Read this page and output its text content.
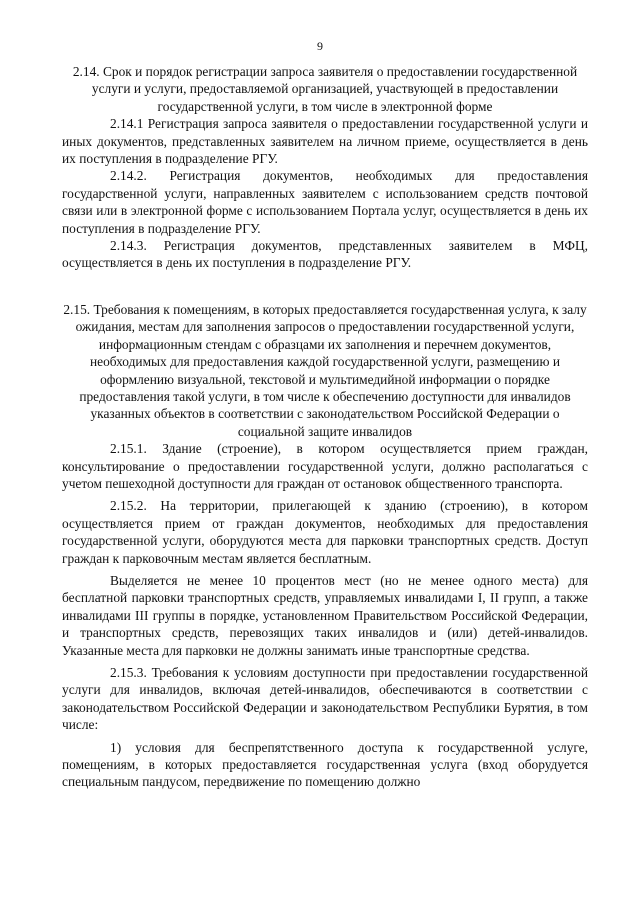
9

2.14. Срок и порядок регистрации запроса заявителя о предоставлении государственной услуги и услуги, предоставляемой организацией, участвующей в предоставлении государственной услуги, в том числе в электронной форме

2.14.1 Регистрация запроса заявителя о предоставлении государственной услуги и иных документов, представленных заявителем на личном приеме, осуществляется в день их поступления в подразделение РГУ.

2.14.2. Регистрация документов, необходимых для предоставления государственной услуги, направленных заявителем с использованием средств почтовой связи или в электронной форме с использованием Портала услуг, осуществляется в день их поступления в подразделение РГУ.

2.14.3. Регистрация документов, представленных заявителем в МФЦ, осуществляется в день их поступления в подразделение РГУ.

2.15. Требования к помещениям, в которых предоставляется государственная услуга, к залу ожидания, местам для заполнения запросов о предоставлении государственной услуги, информационным стендам с образцами их заполнения и перечнем документов, необходимых для предоставления каждой государственной услуги, размещению и оформлению визуальной, текстовой и мультимедийной информации о порядке предоставления такой услуги, в том числе к обеспечению доступности для инвалидов указанных объектов в соответствии с законодательством Российской Федерации о социальной защите инвалидов

2.15.1. Здание (строение), в котором осуществляется прием граждан, консультирование о предоставлении государственной услуги, должно располагаться с учетом пешеходной доступности для граждан от остановок общественного транспорта.

2.15.2. На территории, прилегающей к зданию (строению), в котором осуществляется прием от граждан документов, необходимых для предоставления государственной услуги, оборудуются места для парковки транспортных средств. Доступ граждан к парковочным местам является бесплатным.

Выделяется не менее 10 процентов мест (но не менее одного места) для бесплатной парковки транспортных средств, управляемых инвалидами I, II групп, а также инвалидами III группы в порядке, установленном Правительством Российской Федерации, и транспортных средств, перевозящих таких инвалидов и (или) детей-инвалидов. Указанные места для парковки не должны занимать иные транспортные средства.

2.15.3. Требования к условиям доступности при предоставлении государственной услуги для инвалидов, включая детей-инвалидов, обеспечиваются в соответствии с законодательством Российской Федерации и законодательством Республики Бурятия, в том числе:

1) условия для беспрепятственного доступа к государственной услуге, помещениям, в которых предоставляется государственная услуга (вход оборудуется специальным пандусом, передвижение по помещению должно
